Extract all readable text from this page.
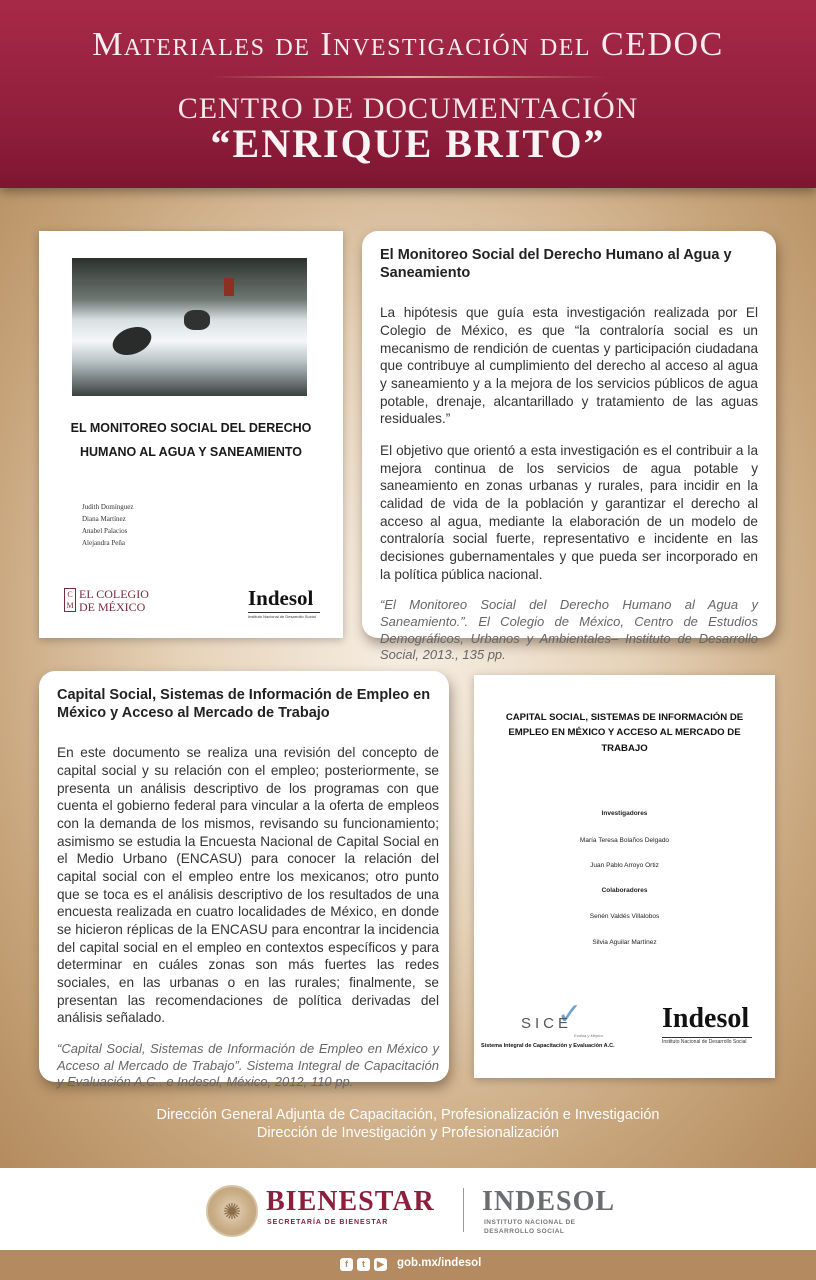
Materiales de Investigación del CEDOC
CENTRO DE DOCUMENTACIÓN
“ENRIQUE BRITO”
EL MONITOREO SOCIAL DEL DERECHO
HUMANO AL AGUA Y SANEAMIENTO
Judith Domínguez
Diana Martínez
Anabel Palacios
Alejandra Peña
C M
EL COLEGIO
DE MÉXICO	Indesol
Instituto Nacional de Desarrollo Social
El Monitoreo Social del Derecho Humano al Agua y Saneamiento

La hipótesis que guía esta investigación realizada por El Colegio de México, es que “la contraloría social es un mecanismo de rendición de cuentas y participación ciudadana que contribuye al cumplimiento del derecho al acceso al agua y saneamiento y a la mejora de los servicios públicos de agua potable, drenaje, alcantarillado y tratamiento de las aguas residuales.”

El objetivo que orientó a esta investigación es el contribuir a la mejora continua de los servicios de agua potable y saneamiento en zonas urbanas y rurales, para incidir en la calidad de vida de la población y garantizar el derecho al acceso al agua, mediante la elaboración de un modelo de contraloría social fuerte, representativo e incidente en las decisiones gubernamentales y que pueda ser incorporado en la política pública nacional.

“El Monitoreo Social del Derecho Humano al Agua y Saneamiento.”. El Colegio de México, Centro de Estudios Demográficos, Urbanos y Ambientales– Instituto de Desarrollo Social, 2013., 135 pp.

Capital Social, Sistemas de Información de Empleo en México y Acceso al Mercado de Trabajo

En este documento se realiza una revisión del concepto de capital social y su relación con el empleo; posteriormente, se presenta un análisis descriptivo de los programas con que cuenta el gobierno federal para vincular a la oferta de empleos con la demanda de los mismos, revisando su funcionamiento; asimismo se estudia la Encuesta Nacional de Capital Social en el Medio Urbano (ENCASU) para conocer la relación del capital social con el empleo entre los mexicanos; otro punto que se toca es el análisis descriptivo de los resultados de una encuesta realizada en cuatro localidades de México, en donde se hicieron réplicas de la ENCASU para encontrar la incidencia del capital social en el empleo en contextos específicos y para determinar en cuáles zonas son más fuertes las redes sociales, en las urbanas o en las rurales; finalmente, se presentan las recomendaciones de política derivadas del análisis señalado.

“Capital Social, Sistemas de Información de Empleo en México y Acceso al Mercado de Trabajo”. Sistema Integral de Capacitación y Evaluación A.C.. e Indesol, México, 2012, 110 pp.

CAPITAL SOCIAL, SISTEMAS DE INFORMACIÓN DE EMPLEO EN MÉXICO Y ACCESO AL MERCADO DE TRABAJO
Investigadores
María Teresa Bolaños Delgado
Juan Pablo Arroyo Ortiz
Colaboradores
Senén Valdés Villalobos
Silvia Aguilar Martínez
✓
SICE
Evalúa y Mejora
Sistema Integral de Capacitación y Evaluación A.C.
Indesol
Instituto Nacional de Desarrollo Social
Dirección General Adjunta de Capacitación, Profesionalización e Investigación
Dirección de Investigación y Profesionalización
✺ BIENESTAR
SECRETARÍA DE BIENESTAR
INDESOL
INSTITUTO NACIONAL DE
DESARROLLO SOCIAL
f	t	▶ gob.mx/indesol
